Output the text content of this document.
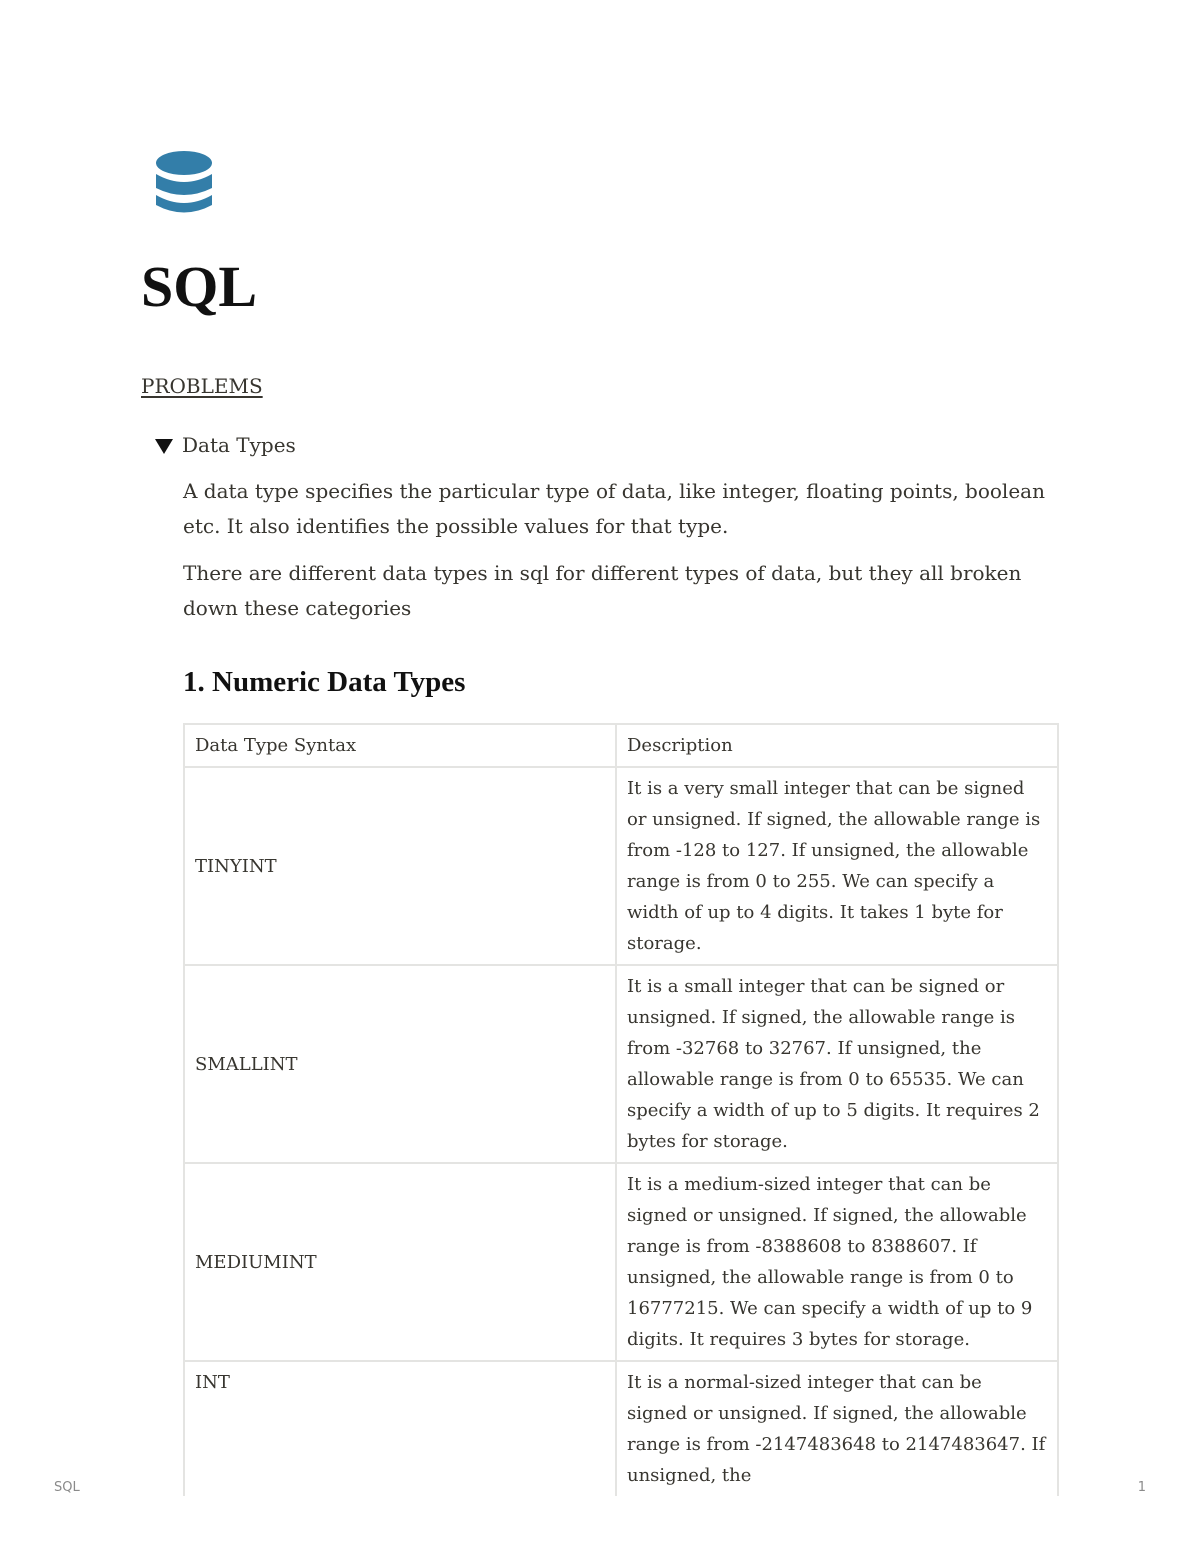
SQL
PROBLEMS
Data Types

A data type specifies the particular type of data, like integer, floating points, boolean etc. It also identifies the possible values for that type.

There are different data types in sql for different types of data, but they all broken down these categories

1. Numeric Data Types
Data Type Syntax	Description
TINYINT	It is a very small integer that can be signed or unsigned. If signed, the allowable range is from -128 to 127. If unsigned, the allowable range is from 0 to 255. We can specify a width of up to 4 digits. It takes 1 byte for storage.
SMALLINT	It is a small integer that can be signed or unsigned. If signed, the allowable range is from -32768 to 32767. If unsigned, the allowable range is from 0 to 65535. We can specify a width of up to 5 digits. It requires 2 bytes for storage.
MEDIUMINT	It is a medium-sized integer that can be signed or unsigned. If signed, the allowable range is from -8388608 to 8388607. If unsigned, the allowable range is from 0 to 16777215. We can specify a width of up to 9 digits. It requires 3 bytes for storage.
INT	It is a normal-sized integer that can be signed or unsigned. If signed, the allowable range is from -2147483648 to 2147483647. If unsigned, the
SQL	1
